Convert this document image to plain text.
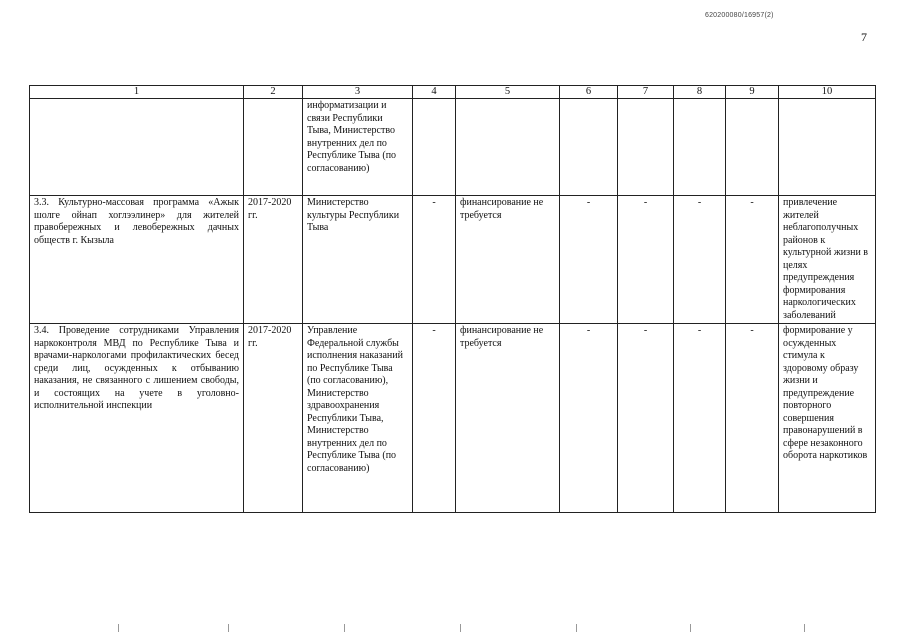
620200080/16957(2)
7
1	2	3	4	5	6	7	8	9	10
		информатизации и связи Республики Тыва, Министерство внутренних дел по Республике Тыва (по согласованию)							
3.3. Культурно-массовая программа «Ажык шолге ойнап хоглээлинер» для жителей правобережных и левобережных дачных обществ г. Кызыла	2017-2020 гг.	Министерство культуры Республики Тыва	-	финансирование не требуется	-	-	-	-	привлечение жителей неблагополучных районов к культурной жизни в целях предупреждения формирования наркологических заболеваний
3.4. Проведение сотрудниками Управления наркоконтроля МВД по Республике Тыва и врачами-наркологами профилактических бесед среди лиц, осужденных к отбыванию наказания, не связанного с лишением свободы, и состоящих на учете в уголовно-исполнительной инспекции	2017-2020 гг.	Управление Федеральной службы исполнения наказаний по Республике Тыва (по согласованию), Министерство здравоохранения Республики Тыва, Министерство внутренних дел по Республике Тыва (по согласованию)	-	финансирование не требуется	-	-	-	-	формирование у осужденных стимула к здоровому образу жизни и предупреждение повторного совершения правонарушений в сфере незаконного оборота наркотиков
